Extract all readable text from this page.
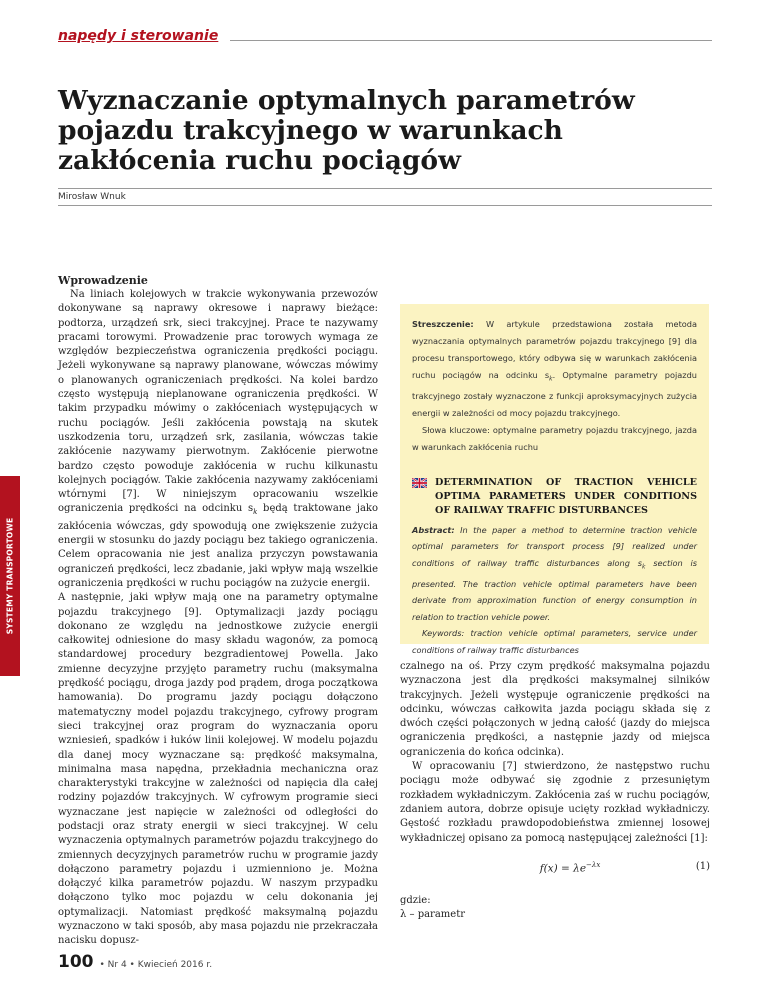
napędy i sterowanie
Wyznaczanie optymalnych parametrów pojazdu trakcyjnego w warunkach zakłócenia ruchu pociągów
Mirosław Wnuk
SYSTEMY TRANSPORTOWE
Wprowadzenie

Na liniach kolejowych w trakcie wykonywania przewozów dokonywane są naprawy okresowe i naprawy bieżące: podtorza, urządzeń srk, sieci trakcyjnej. Prace te nazywamy pracami torowymi. Prowadzenie prac torowych wymaga ze względów bezpieczeństwa ograniczenia prędkości pociągu. Jeżeli wykonywane są naprawy planowane, wówczas mówimy o planowanych ograniczeniach prędkości. Na kolei bardzo często występują nieplanowane ograniczenia prędkości. W takim przypadku mówimy o zakłóceniach występujących w ruchu pociągów. Jeśli zakłócenia powstają na skutek uszkodzenia toru, urządzeń srk, zasilania, wówczas takie zakłócenie nazywamy pierwotnym. Zakłócenie pierwotne bardzo często powoduje zakłócenia w ruchu kilkunastu kolejnych pociągów. Takie zakłócenia nazywamy zakłóceniami wtórnymi [7]. W niniejszym opracowaniu wszelkie ograniczenia prędkości na odcinku $s_k$ będą traktowane jako zakłócenia wówczas, gdy spowodują one zwiększenie zużycia energii w stosunku do jazdy pociągu bez takiego ograniczenia. Celem opracowania nie jest analiza przyczyn powstawania ograniczeń prędkości, lecz zbadanie, jaki wpływ mają wszelkie ograniczenia prędkości w ruchu pociągów na zużycie energii.

A następnie, jaki wpływ mają one na parametry optymalne pojazdu trakcyjnego [9]. Optymalizacji jazdy pociągu dokonano ze względu na jednostkowe zużycie energii całkowitej odniesione do masy składu wagonów, za pomocą standardowej procedury bezgradientowej Powella. Jako zmienne decyzyjne przyjęto parametry ruchu (maksymalna prędkość pociągu, droga jazdy pod prądem, droga początkowa hamowania). Do programu jazdy pociągu dołączono matematyczny model pojazdu trakcyjnego, cyfrowy program sieci trakcyjnej oraz program do wyznaczania oporu wzniesień, spadków i łuków linii kolejowej. W modelu pojazdu dla danej mocy wyznaczane są: prędkość maksymalna, minimalna masa napędna, przekładnia mechaniczna oraz charakterystyki trakcyjne w zależności od napięcia dla całej rodziny pojazdów trakcyjnych. W cyfrowym programie sieci wyznaczane jest napięcie w zależności od odległości do podstacji oraz straty energii w sieci trakcyjnej. W celu wyznaczenia optymalnych parametrów pojazdu trakcyjnego do zmiennych decyzyjnych parametrów ruchu w programie jazdy dołączono parametry pojazdu i uzmienniono je. Można dołączyć kilka parametrów pojazdu. W naszym przypadku dołączono tylko moc pojazdu w celu dokonania jej optymalizacji. Natomiast prędkość maksymalną pojazdu wyznaczono w taki sposób, aby masa pojazdu nie przekraczała nacisku dopusz-

Streszczenie: W artykule przedstawiona została metoda wyznaczania optymalnych parametrów pojazdu trakcyjnego [9] dla procesu transportowego, który odbywa się w warunkach zakłócenia ruchu pociągów na odcinku $s_k$. Optymalne parametry pojazdu trakcyjnego zostały wyznaczone z funkcji aproksymacyjnych zużycia energii w zależności od mocy pojazdu trakcyjnego.

Słowa kluczowe: optymalne parametry pojazdu trakcyjnego, jazda w warunkach zakłócenia ruchu

DETERMINATION OF TRACTION VEHICLE OPTIMA PARAMETERS UNDER CONDITIONS OF RAILWAY TRAFFIC DISTURBANCES

Abstract: In the paper a method to determine traction vehicle optimal parameters for transport process [9] realized under conditions of railway traffic disturbances along $s_k$ section is presented. The traction vehicle optimal parameters have been derivate from approximation function of energy consumption in relation to traction vehicle power.

Keywords: traction vehicle optimal parameters, service under conditions of railway traffic disturbances

czalnego na oś. Przy czym prędkość maksymalna pojazdu wyznaczona jest dla prędkości maksymalnej silników trakcyjnych. Jeżeli występuje ograniczenie prędkości na odcinku, wówczas całkowita jazda pociągu składa się z dwóch części połączonych w jedną całość (jazdy do miejsca ograniczenia prędkości, a następnie jazdy od miejsca ograniczenia do końca odcinka).

W opracowaniu [7] stwierdzono, że następstwo ruchu pociągu może odbywać się zgodnie z przesuniętym rozkładem wykładniczym. Zakłócenia zaś w ruchu pociągów, zdaniem autora, dobrze opisuje ucięty rozkład wykładniczy. Gęstość rozkładu prawdopodobieństwa zmiennej losowej wykładniczej opisano za pomocą następującej zależności [1]:

$f(x) = \lambda e^{-\lambda x}$	(1)

gdzie:

λ – parametr

100 • Nr 4 • Kwiecień 2016 r.
